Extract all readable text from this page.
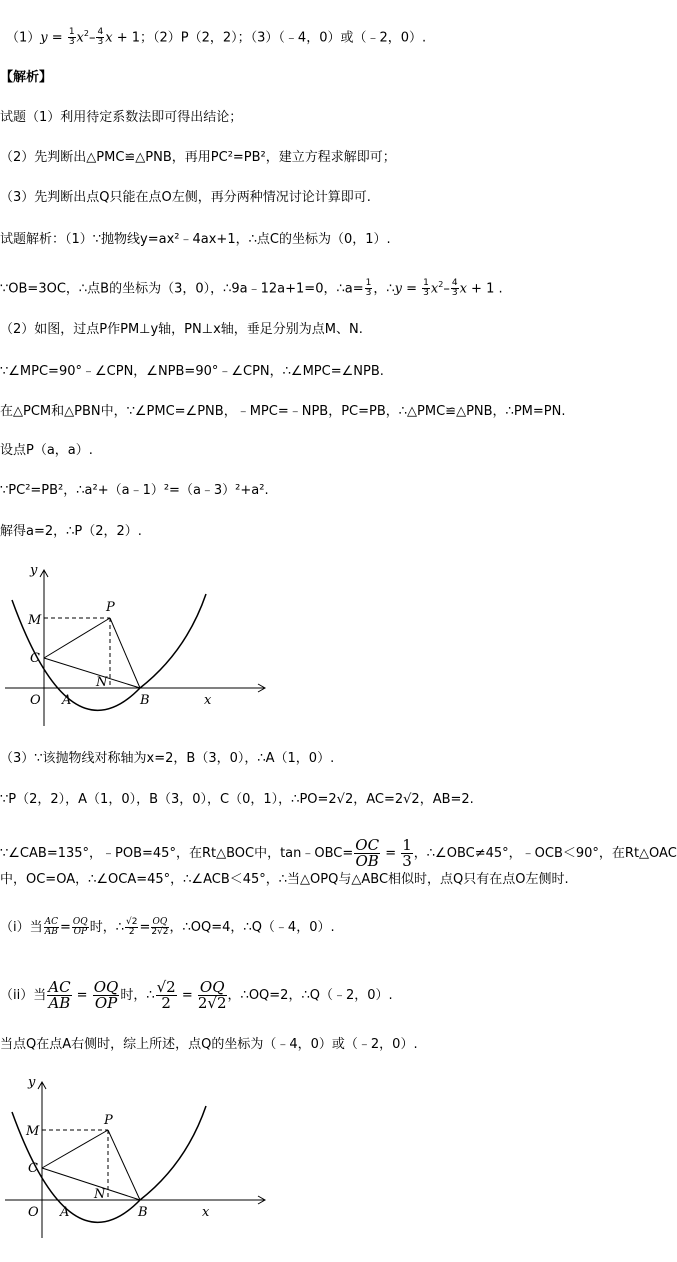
$(1)y = \frac{1}{3} x^2- \frac{4}{3}$ x + 1；（2）P（2，2）；（3）（﹣4，0）或（﹣2，0）.
【解析】
试题（1）利用待定系数法即可得出结论；
（2）先判断出△PMC≌△PNB，再用PC²=PB²，建立方程求解即可；
（3）先判断出点Q只能在点O左侧，再分两种情况讨论计算即可.
试题解析：（1）∵抛物线y=ax²﹣4ax+1，∴点C的坐标为（0，1）.
∵OB=3OC，∴点B的坐标为（3，0），∴9a﹣12a+1=0，∴a= $\frac{1}{3}$ ，∴y = $\frac{1}{3} x^2- \frac{4}{3}$ x + 1 .
（2）如图，过点P作PM⊥y轴，PN⊥x轴，垂足分别为点M、N.
∵∠MPC=90°﹣∠CPN，∠NPB=90°﹣∠CPN，∴∠MPC=∠NPB.
在△PCM和△PBN中，∵∠PMC=∠PNB，﹣MPC=﹣NPB，PC=PB，∴△PMC≌△PNB，∴PM=PN.
设点P（a，a）.
∵PC²=PB²，∴a²+（a﹣1）²=（a﹣3）²+a².
解得a=2，∴P（2，2）.
y
M
P
C
N
O A	B	x
（3）∵该抛物线对称轴为x=2，B（3，0），∴A（1，0）.
∵P（2，2），A（1，0），B（3，0），C（0，1），∴PO=2√2，AC=2√2，AB=2.
∵∠CAB=135°，﹣POB=45°，在Rt△BOC中，tan﹣OBC= $\frac{OC}{OB} = \frac{1}{3}$ ，∴∠OBC≠45°，﹣OCB＜90°，在Rt△OAC
中，OC=OA，∴∠OCA=45°，∴∠ACB＜45°，∴当△OPQ与△ABC相似时，点Q只有在点O左侧时.
（i）当 $\frac{AC}{AB} = \frac{OQ}{OP}$ 时，∴ $\frac{√2}{2} = \frac{OQ}{2√2}$ ，∴OQ=4，∴Q（﹣4，0）.
（ii）当 $\frac{AC}{AB} = \frac{OQ}{OP}$ 时，∴ $\frac{√2}{2} = \frac{OQ}{2√2}$ ，∴OQ=2，∴Q（﹣2，0）.
当点Q在点A右侧时，综上所述，点Q的坐标为（﹣4，0）或（﹣2，0）.
y
M
P
C
N
O A	B	x
